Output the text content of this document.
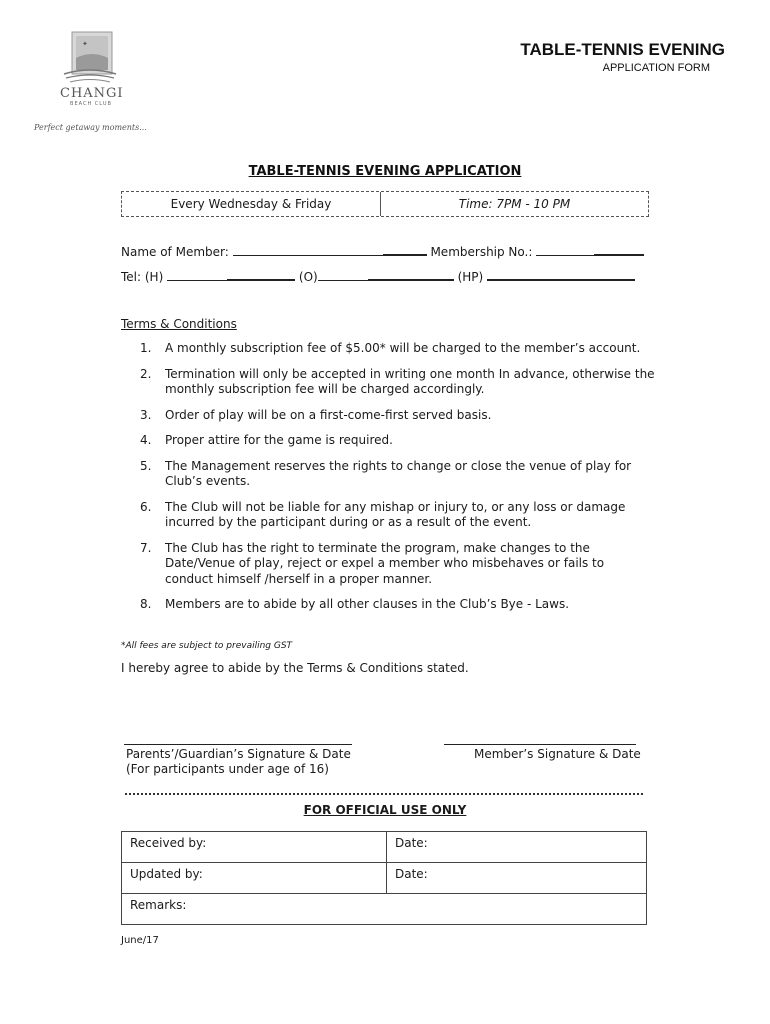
✦
CHANGI
BEACH CLUB
Perfect getaway moments...
TABLE-TENNIS EVENING
APPLICATION FORM
TABLE-TENNIS EVENING APPLICATION
Every Wednesday & Friday	Time: 7PM - 10 PM
Name of Member:	Membership No.:
Tel: (H)	(O)	(HP)
Terms & Conditions
1.	A monthly subscription fee of $5.00* will be charged to the member’s account.
2.	Termination will only be accepted in writing one month In advance, otherwise the monthly subscription fee will be charged accordingly.
3.	Order of play will be on a first-come-first served basis.
4.	Proper attire for the game is required.
5.	The Management reserves the rights to change or close the venue of play for Club’s events.
6.	The Club will not be liable for any mishap or injury to, or any loss or damage incurred by the participant during or as a result of the event.
7.	The Club has the right to terminate the program, make changes to the Date/Venue of play, reject or expel a member who misbehaves or fails to conduct himself /herself in a proper manner.
8.	Members are to abide by all other clauses in the Club’s Bye - Laws.
*All fees are subject to prevailing GST
I hereby agree to abide by the Terms & Conditions stated.
Parents’/Guardian’s Signature & Date
(For participants under age of 16)
Member’s Signature & Date
FOR OFFICIAL USE ONLY
Received by:	Date:
Updated by:	Date:
Remarks:	
June/17
